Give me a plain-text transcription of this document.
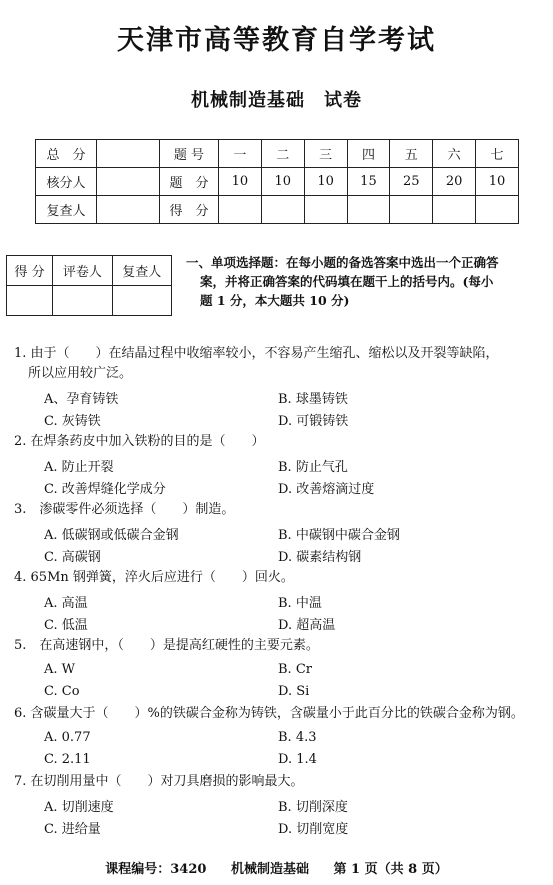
天津市高等教育自学考试
机械制造基础　试卷
总　分		题 号	一	二	三	四	五	六	七
核分人		题　分	10	10	10	15	25	20	10
复查人		得　分							
得 分	评卷人	复查人

一、单项选择题：在每小题的备选答案中选出一个正确答
案，并将正确答案的代码填在题干上的括号内。(每小
题 1 分，本大题共 10 分)
1. 由于（　　）在结晶过程中收缩率较小，不容易产生缩孔、缩松以及开裂等缺陷，
所以应用较广泛。
A、孕育铸铁	B. 球墨铸铁
C. 灰铸铁	D. 可锻铸铁
2. 在焊条药皮中加入铁粉的目的是（　　）
A. 防止开裂	B. 防止气孔
C. 改善焊缝化学成分	D. 改善熔滴过度
3.　渗碳零件必须选择（　　）制造。
A. 低碳钢或低碳合金钢	B. 中碳钢中碳合金钢
C. 高碳钢	D. 碳素结构钢
4. 65Mn 钢弹簧，淬火后应进行（　　）回火。
A. 高温	B. 中温
C. 低温	D. 超高温
5.　在高速钢中，（　　）是提高红硬性的主要元素。
A. W	B. Cr
C. Co	D. Si
6. 含碳量大于（　　）%的铁碳合金称为铸铁，含碳量小于此百分比的铁碳合金称为钢。
A. 0.77	B. 4.3
C. 2.11	D. 1.4
7. 在切削用量中（　　）对刀具磨损的影响最大。
A. 切削速度	B. 切削深度
C. 进给量	D. 切削宽度
课程编号：3420 机械制造基础 第 1 页（共 8 页）
